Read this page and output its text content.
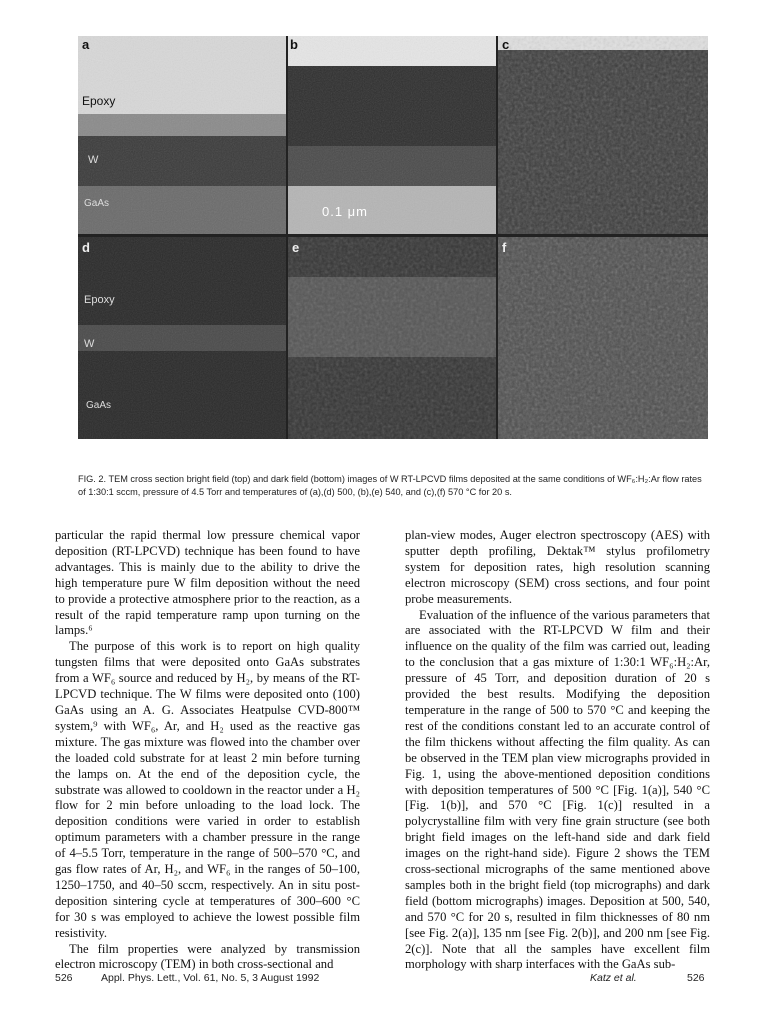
a	b	c
d	e	f
Epoxy
W
GaAs
Epoxy
W
GaAs
0.1 μm
FIG. 2. TEM cross section bright field (top) and dark field (bottom) images of W RT-LPCVD films deposited at the same conditions of WF₆:H₂:Ar flow rates of 1:30:1 sccm, pressure of 4.5 Torr and temperatures of (a),(d) 500, (b),(e) 540, and (c),(f) 570 °C for 20 s.

particular the rapid thermal low pressure chemical vapor deposition (RT-LPCVD) technique has been found to have advantages. This is mainly due to the ability to drive the high temperature pure W film deposition without the need to provide a protective atmosphere prior to the reaction, as a result of the rapid temperature ramp upon turning on the lamps.⁶

The purpose of this work is to report on high quality tungsten films that were deposited onto GaAs substrates from a WF₆ source and reduced by H₂, by means of the RT-LPCVD technique. The W films were deposited onto (100) GaAs using an A. G. Associates Heatpulse CVD-800™ system,⁹ with WF₆, Ar, and H₂ used as the reactive gas mixture. The gas mixture was flowed into the chamber over the loaded cold substrate for at least 2 min before turning the lamps on. At the end of the deposition cycle, the substrate was allowed to cooldown in the reactor under a H₂ flow for 2 min before unloading to the load lock. The deposition conditions were varied in order to establish optimum parameters with a chamber pressure in the range of 4–5.5 Torr, temperature in the range of 500–570 °C, and gas flow rates of Ar, H₂, and WF₆ in the ranges of 50–100, 1250–1750, and 40–50 sccm, respectively. An in situ post-deposition sintering cycle at temperatures of 300–600 °C for 30 s was employed to achieve the lowest possible film resistivity.

The film properties were analyzed by transmission electron microscopy (TEM) in both cross-sectional and

plan-view modes, Auger electron spectroscopy (AES) with sputter depth profiling, Dektak™ stylus profilometry system for deposition rates, high resolution scanning electron microscopy (SEM) cross sections, and four point probe measurements.

Evaluation of the influence of the various parameters that are associated with the RT-LPCVD W film and their influence on the quality of the film was carried out, leading to the conclusion that a gas mixture of 1:30:1 WF₆:H₂:Ar, pressure of 45 Torr, and deposition duration of 20 s provided the best results. Modifying the deposition temperature in the range of 500 to 570 °C and keeping the rest of the conditions constant led to an accurate control of the film thickens without affecting the film quality. As can be observed in the TEM plan view micrographs provided in Fig. 1, using the above-mentioned deposition conditions with deposition temperatures of 500 °C [Fig. 1(a)], 540 °C [Fig. 1(b)], and 570 °C [Fig. 1(c)] resulted in a polycrystalline film with very fine grain structure (see both bright field images on the left-hand side and dark field images on the right-hand side). Figure 2 shows the TEM cross-sectional micrographs of the same mentioned above samples both in the bright field (top micrographs) and dark field (bottom micrographs) images. Deposition at 500, 540, and 570 °C for 20 s, resulted in film thicknesses of 80 nm [see Fig. 2(a)], 135 nm [see Fig. 2(b)], and 200 nm [see Fig. 2(c)]. Note that all the samples have excellent film morphology with sharp interfaces with the GaAs sub-

526	Appl. Phys. Lett., Vol. 61, No. 5, 3 August 1992	Katz et al.	526
